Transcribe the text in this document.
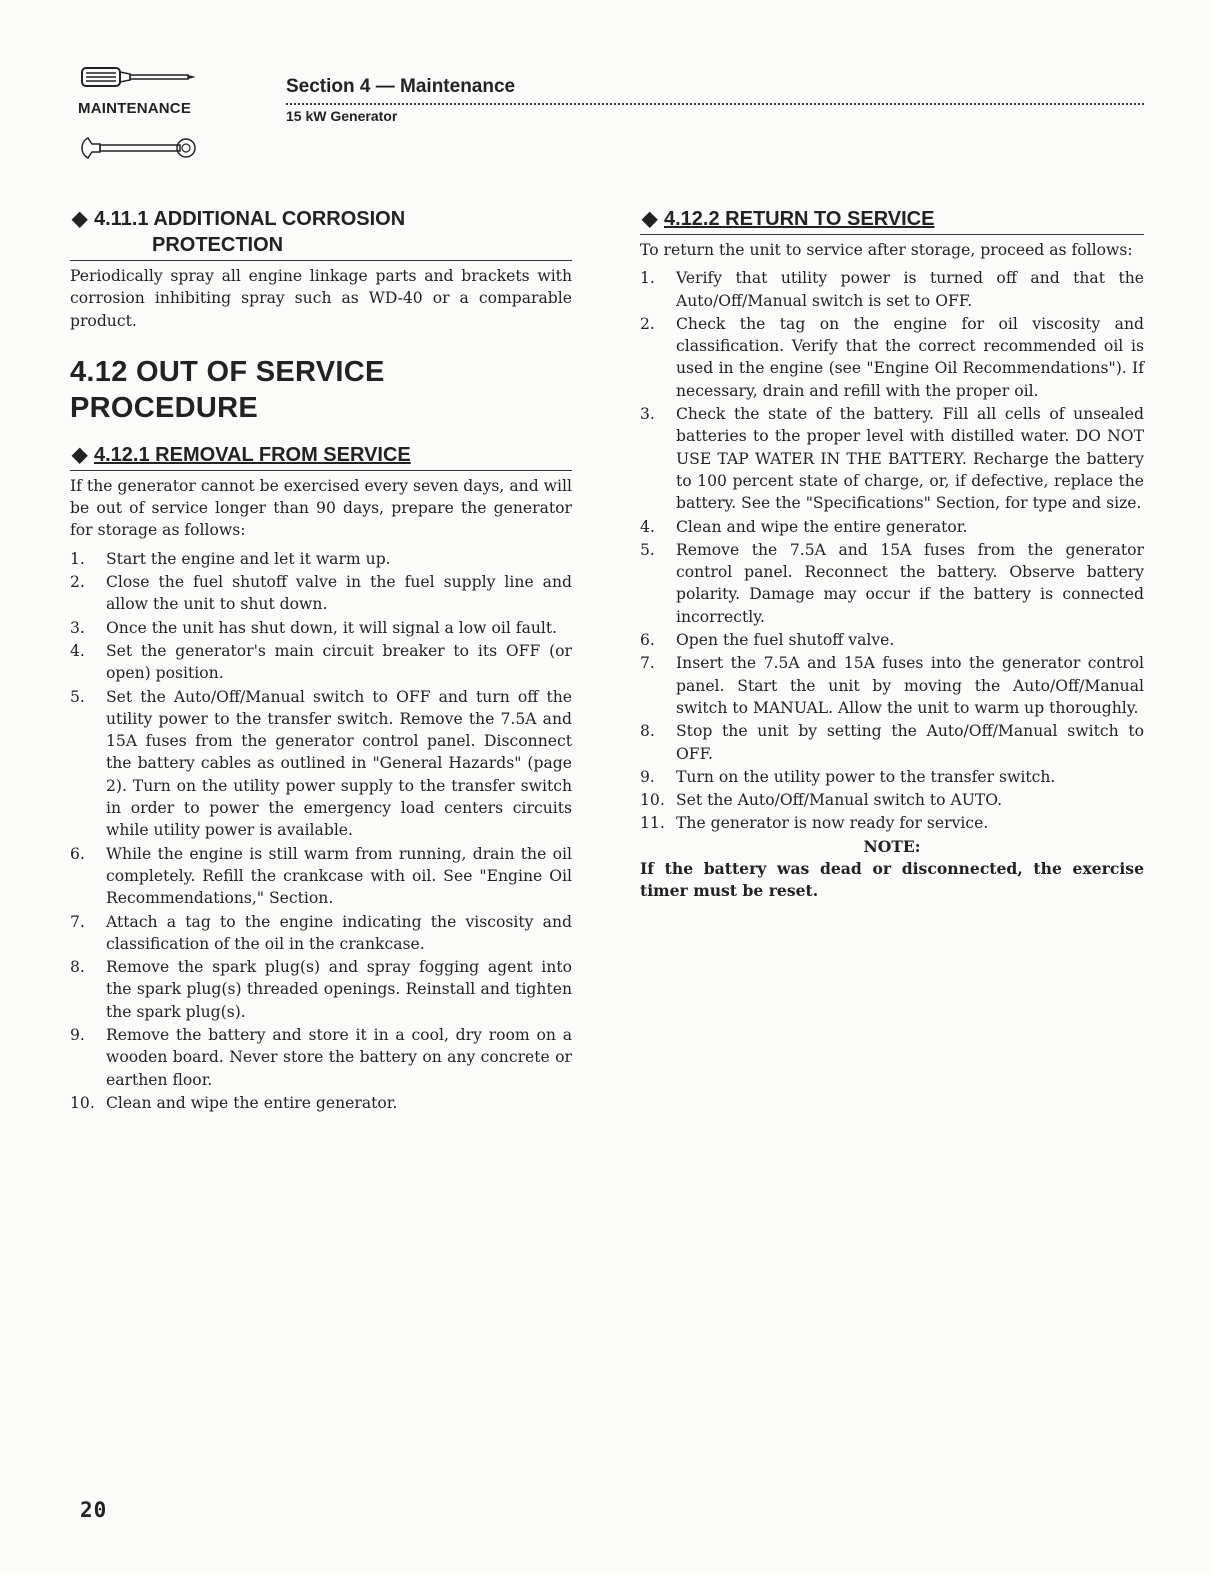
MAINTENANCE
Section 4 — Maintenance
15 kW Generator
◆ 4.11.1 ADDITIONAL CORROSION
PROTECTION

Periodically spray all engine linkage parts and brackets with corrosion inhibiting spray such as WD-40 or a comparable product.

4.12 OUT OF SERVICE PROCEDURE
◆ 4.12.1 REMOVAL FROM SERVICE

If the generator cannot be exercised every seven days, and will be out of service longer than 90 days, prepare the generator for storage as follows:

1.	Start the engine and let it warm up.
2.	Close the fuel shutoff valve in the fuel supply line and allow the unit to shut down.
3.	Once the unit has shut down, it will signal a low oil fault.
4.	Set the generator's main circuit breaker to its OFF (or open) position.
5.	Set the Auto/Off/Manual switch to OFF and turn off the utility power to the transfer switch. Remove the 7.5A and 15A fuses from the generator control panel. Disconnect the battery cables as outlined in "General Hazards" (page 2). Turn on the utility power supply to the transfer switch in order to power the emergency load centers circuits while utility power is available.
6.	While the engine is still warm from running, drain the oil completely. Refill the crankcase with oil. See "Engine Oil Recommendations," Section.
7.	Attach a tag to the engine indicating the viscosity and classification of the oil in the crankcase.
8.	Remove the spark plug(s) and spray fogging agent into the spark plug(s) threaded openings. Reinstall and tighten the spark plug(s).
9.	Remove the battery and store it in a cool, dry room on a wooden board. Never store the battery on any concrete or earthen floor.
10. Clean and wipe the entire generator.
◆ 4.12.2 RETURN TO SERVICE

To return the unit to service after storage, proceed as follows:

1.	Verify that utility power is turned off and that the Auto/Off/Manual switch is set to OFF.
2.	Check the tag on the engine for oil viscosity and classification. Verify that the correct recommended oil is used in the engine (see "Engine Oil Recommendations"). If necessary, drain and refill with the proper oil.
3.	Check the state of the battery. Fill all cells of unsealed batteries to the proper level with distilled water. DO NOT USE TAP WATER IN THE BATTERY. Recharge the battery to 100 percent state of charge, or, if defective, replace the battery. See the "Specifications" Section, for type and size.
4.	Clean and wipe the entire generator.
5.	Remove the 7.5A and 15A fuses from the generator control panel. Reconnect the battery. Observe battery polarity. Damage may occur if the battery is connected incorrectly.
6.	Open the fuel shutoff valve.
7.	Insert the 7.5A and 15A fuses into the generator control panel. Start the unit by moving the Auto/Off/Manual switch to MANUAL. Allow the unit to warm up thoroughly.
8.	Stop the unit by setting the Auto/Off/Manual switch to OFF.
9.	Turn on the utility power to the transfer switch.
10. Set the Auto/Off/Manual switch to AUTO.
11. The generator is now ready for service.

NOTE:

If the battery was dead or disconnected, the exercise timer must be reset.

20
